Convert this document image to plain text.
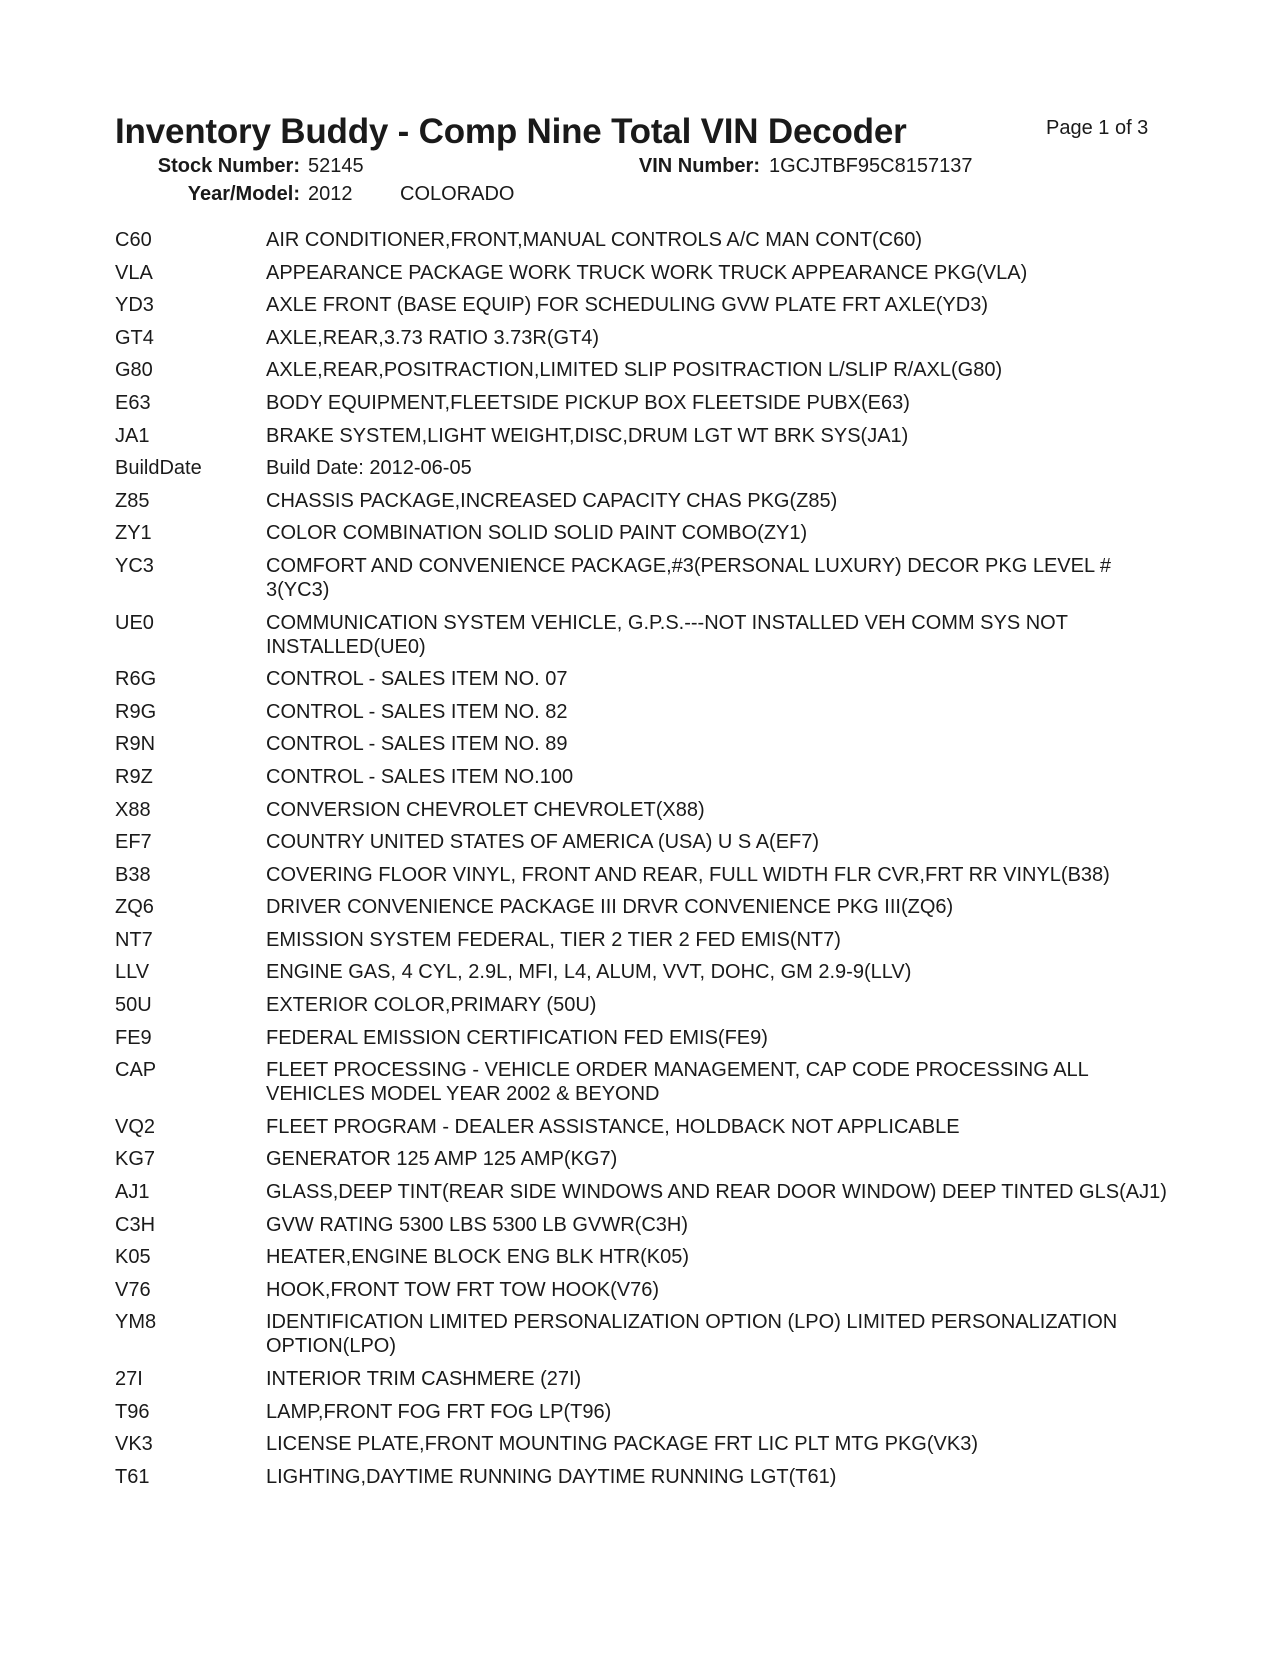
Inventory Buddy - Comp Nine Total VIN Decoder	Page 1 of 3
Stock Number: 52145	VIN Number: 1GCJTBF95C8157137
Year/Model: 2012 COLORADO
C60	AIR CONDITIONER,FRONT,MANUAL CONTROLS A/C MAN CONT(C60)
VLA	APPEARANCE PACKAGE WORK TRUCK WORK TRUCK APPEARANCE PKG(VLA)
YD3	AXLE FRONT (BASE EQUIP) FOR SCHEDULING GVW PLATE FRT AXLE(YD3)
GT4	AXLE,REAR,3.73 RATIO 3.73R(GT4)
G80	AXLE,REAR,POSITRACTION,LIMITED SLIP POSITRACTION L/SLIP R/AXL(G80)
E63	BODY EQUIPMENT,FLEETSIDE PICKUP BOX FLEETSIDE PUBX(E63)
JA1	BRAKE SYSTEM,LIGHT WEIGHT,DISC,DRUM LGT WT BRK SYS(JA1)
BuildDate	Build Date: 2012-06-05
Z85	CHASSIS PACKAGE,INCREASED CAPACITY CHAS PKG(Z85)
ZY1	COLOR COMBINATION SOLID SOLID PAINT COMBO(ZY1)
YC3	COMFORT AND CONVENIENCE PACKAGE,#3(PERSONAL LUXURY) DECOR PKG LEVEL # 3(YC3)
UE0	COMMUNICATION SYSTEM VEHICLE, G.P.S.---NOT INSTALLED VEH COMM SYS NOT INSTALLED(UE0)
R6G	CONTROL - SALES ITEM NO. 07
R9G	CONTROL - SALES ITEM NO. 82
R9N	CONTROL - SALES ITEM NO. 89
R9Z	CONTROL - SALES ITEM NO.100
X88	CONVERSION CHEVROLET CHEVROLET(X88)
EF7	COUNTRY UNITED STATES OF AMERICA (USA) U S A(EF7)
B38	COVERING FLOOR VINYL, FRONT AND REAR, FULL WIDTH FLR CVR,FRT RR VINYL(B38)
ZQ6	DRIVER CONVENIENCE PACKAGE III DRVR CONVENIENCE PKG III(ZQ6)
NT7	EMISSION SYSTEM FEDERAL, TIER 2 TIER 2 FED EMIS(NT7)
LLV	ENGINE GAS, 4 CYL, 2.9L, MFI, L4, ALUM, VVT, DOHC, GM 2.9-9(LLV)
50U	EXTERIOR COLOR,PRIMARY (50U)
FE9	FEDERAL EMISSION CERTIFICATION FED EMIS(FE9)
CAP	FLEET PROCESSING - VEHICLE ORDER MANAGEMENT, CAP CODE PROCESSING ALL VEHICLES MODEL YEAR 2002 & BEYOND
VQ2	FLEET PROGRAM - DEALER ASSISTANCE, HOLDBACK NOT APPLICABLE
KG7	GENERATOR 125 AMP 125 AMP(KG7)
AJ1	GLASS,DEEP TINT(REAR SIDE WINDOWS AND REAR DOOR WINDOW) DEEP TINTED GLS(AJ1)
C3H	GVW RATING 5300 LBS 5300 LB GVWR(C3H)
K05	HEATER,ENGINE BLOCK ENG BLK HTR(K05)
V76	HOOK,FRONT TOW FRT TOW HOOK(V76)
YM8	IDENTIFICATION LIMITED PERSONALIZATION OPTION (LPO) LIMITED PERSONALIZATION OPTION(LPO)
27I	INTERIOR TRIM CASHMERE (27I)
T96	LAMP,FRONT FOG FRT FOG LP(T96)
VK3	LICENSE PLATE,FRONT MOUNTING PACKAGE FRT LIC PLT MTG PKG(VK3)
T61	LIGHTING,DAYTIME RUNNING DAYTIME RUNNING LGT(T61)
